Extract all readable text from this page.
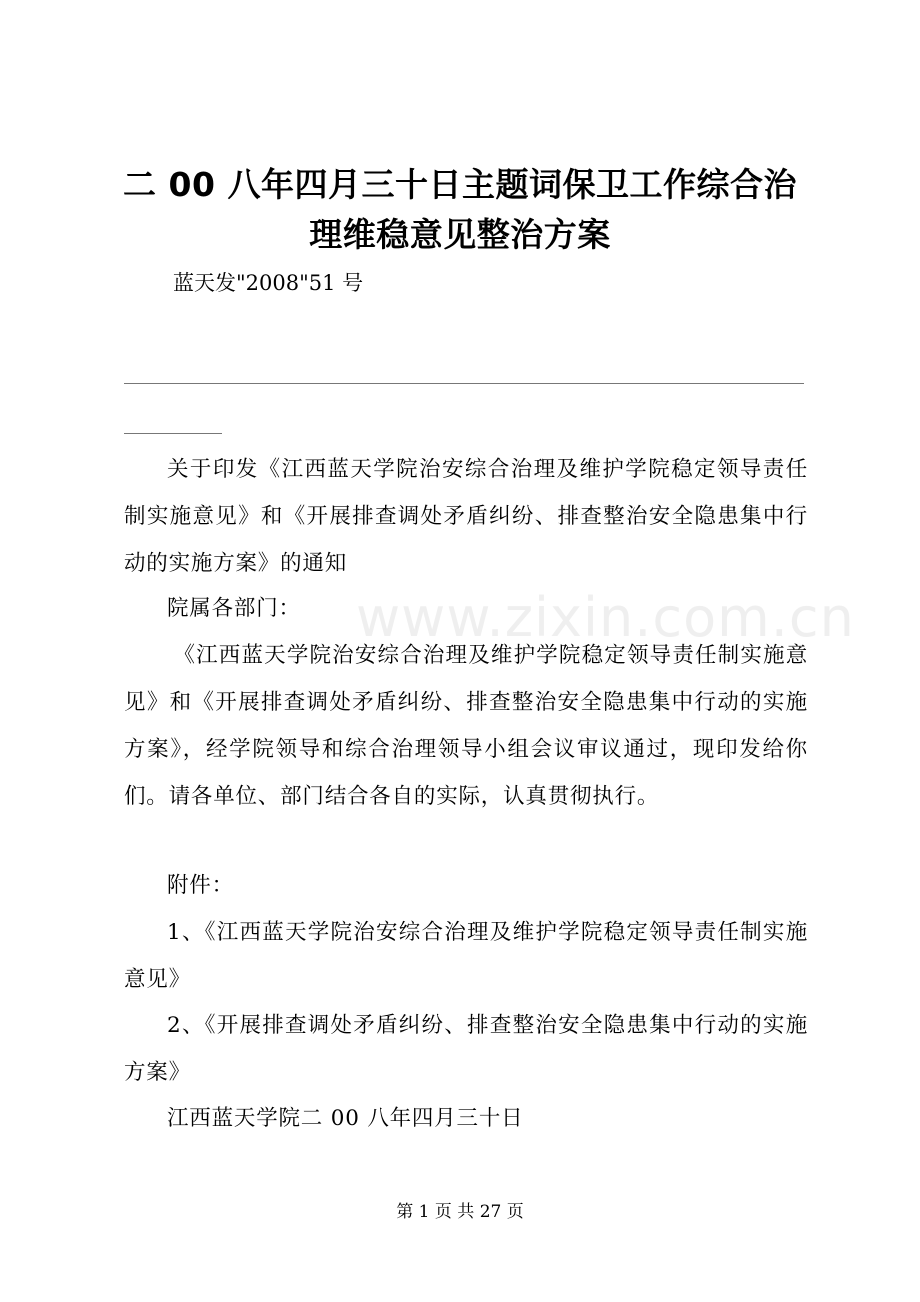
二 00 八年四月三十日主题词保卫工作综合治理维稳意见整治方案
蓝天发"2008"51 号
www.zixin.com.cn

关于印发《江西蓝天学院治安综合治理及维护学院稳定领导责任制实施意见》和《开展排查调处矛盾纠纷、排查整治安全隐患集中行动的实施方案》的通知

院属各部门：

《江西蓝天学院治安综合治理及维护学院稳定领导责任制实施意见》和《开展排查调处矛盾纠纷、排查整治安全隐患集中行动的实施方案》，经学院领导和综合治理领导小组会议审议通过，现印发给你们。请各单位、部门结合各自的实际，认真贯彻执行。

附件：

1、《江西蓝天学院治安综合治理及维护学院稳定领导责任制实施意见》

2、《开展排查调处矛盾纠纷、排查整治安全隐患集中行动的实施方案》

江西蓝天学院二 00 八年四月三十日

第 1 页 共 27 页
